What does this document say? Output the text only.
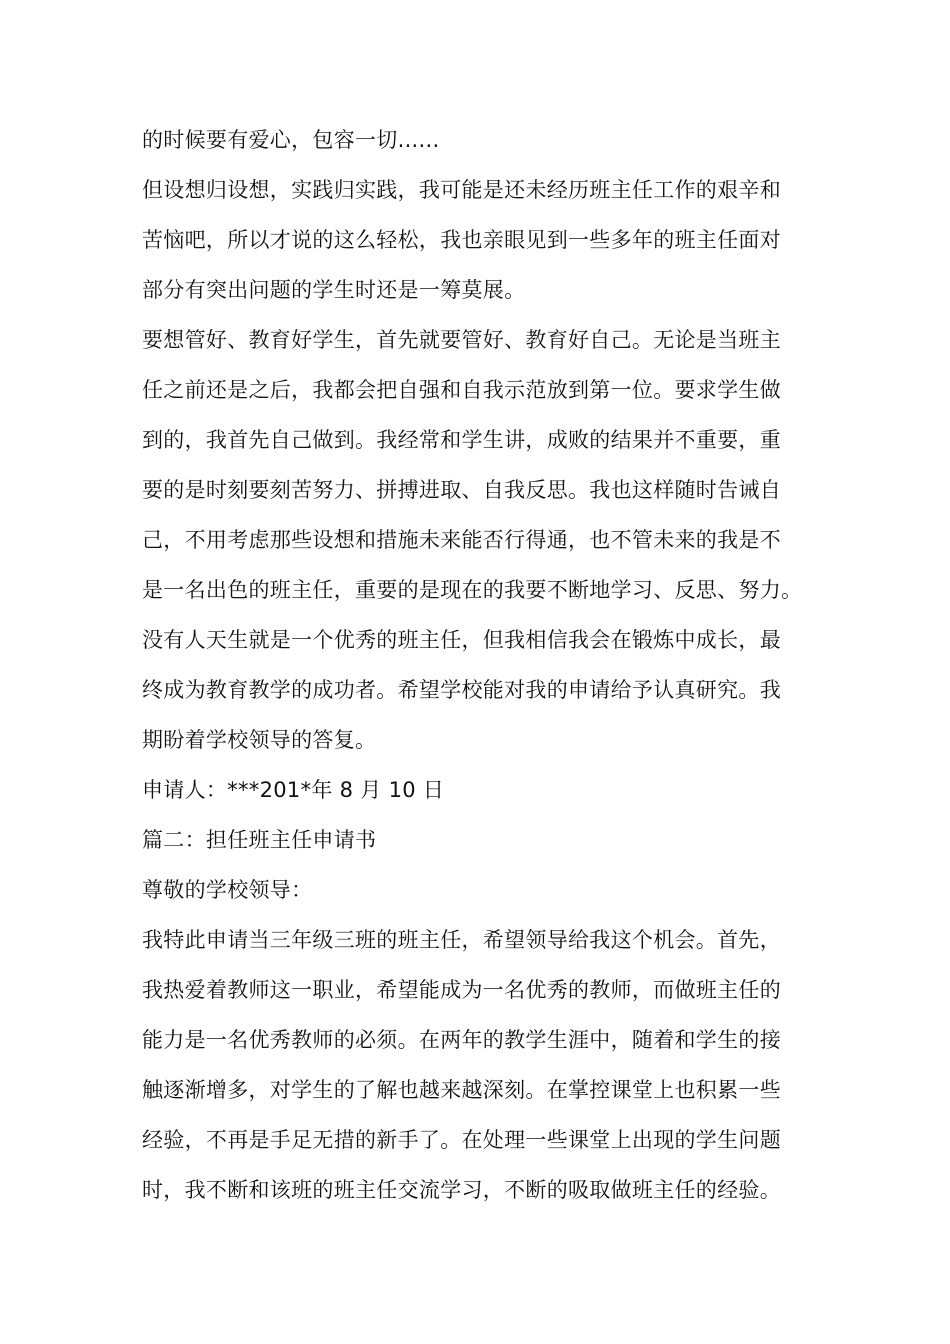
的时候要有爱心，包容一切......
但设想归设想，实践归实践，我可能是还未经历班主任工作的艰辛和
苦恼吧，所以才说的这么轻松，我也亲眼见到一些多年的班主任面对
部分有突出问题的学生时还是一筹莫展。
要想管好、教育好学生，首先就要管好、教育好自己。无论是当班主
任之前还是之后，我都会把自强和自我示范放到第一位。要求学生做
到的，我首先自己做到。我经常和学生讲，成败的结果并不重要，重
要的是时刻要刻苦努力、拼搏进取、自我反思。我也这样随时告诫自
己，不用考虑那些设想和措施未来能否行得通，也不管未来的我是不
是一名出色的班主任，重要的是现在的我要不断地学习、反思、努力。
没有人天生就是一个优秀的班主任，但我相信我会在锻炼中成长，最
终成为教育教学的成功者。希望学校能对我的申请给予认真研究。我
期盼着学校领导的答复。
申请人：***201*年 8 月 10 日
篇二：担任班主任申请书
尊敬的学校领导：
我特此申请当三年级三班的班主任，希望领导给我这个机会。首先，
我热爱着教师这一职业，希望能成为一名优秀的教师，而做班主任的
能力是一名优秀教师的必须。在两年的教学生涯中，随着和学生的接
触逐渐增多，对学生的了解也越来越深刻。在掌控课堂上也积累一些
经验，不再是手足无措的新手了。在处理一些课堂上出现的学生问题
时，我不断和该班的班主任交流学习，不断的吸取做班主任的经验。
